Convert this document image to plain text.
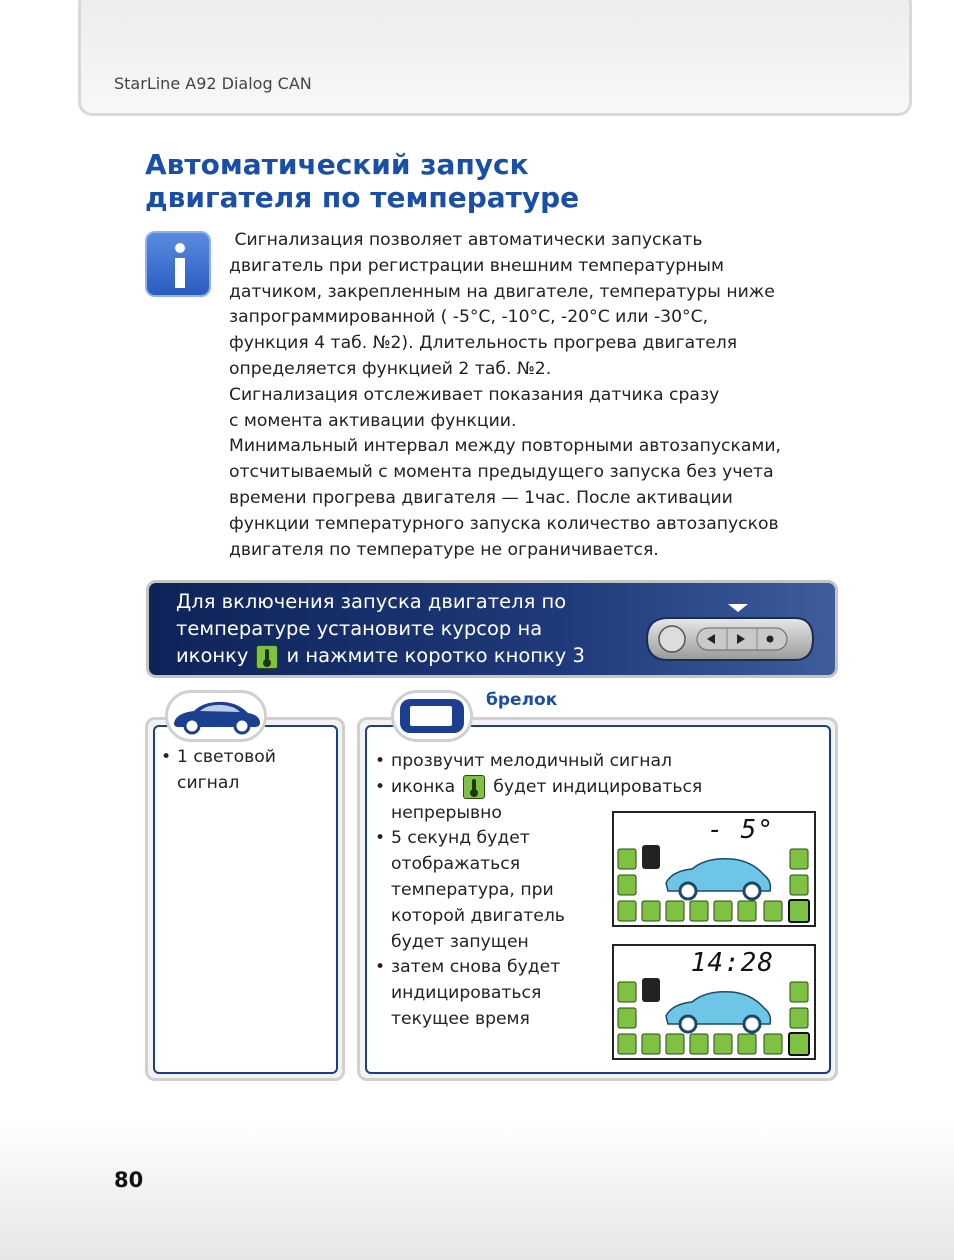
StarLine A92 Dialog CAN
Автоматический запуск
двигателя по температуре

Сигнализация позволяет автоматически запускать

двигатель при регистрации внешним температурным

датчиком, закрепленным на двигателе, температуры ниже

запрограммированной ( -5°С, -10°С, -20°С или -30°С,

функция 4 таб. №2). Длительность прогрева двигателя

определяется функцией 2 таб. №2.

Сигнализация отслеживает показания датчика сразу

с момента активации функции.

Минимальный интервал между повторными автозапусками,

отсчитываемый с момента предыдущего запуска без учета

времени прогрева двигателя — 1час. После активации

функции температурного запуска количество автозапусков

двигателя по температуре не ограничивается.

Для включения запуска двигателя по
температуре установите курсор на
иконку и нажмите коротко кнопку 3
• 1 световой сигнал
брелок
• прозвучит мелодичный сигнал
• иконка будет индицироваться
непрерывно
• 5 секунд будет отображаться температура, при которой двигатель будет запущен
• затем снова будет индицироваться текущее время
- 5°
14:28
80
